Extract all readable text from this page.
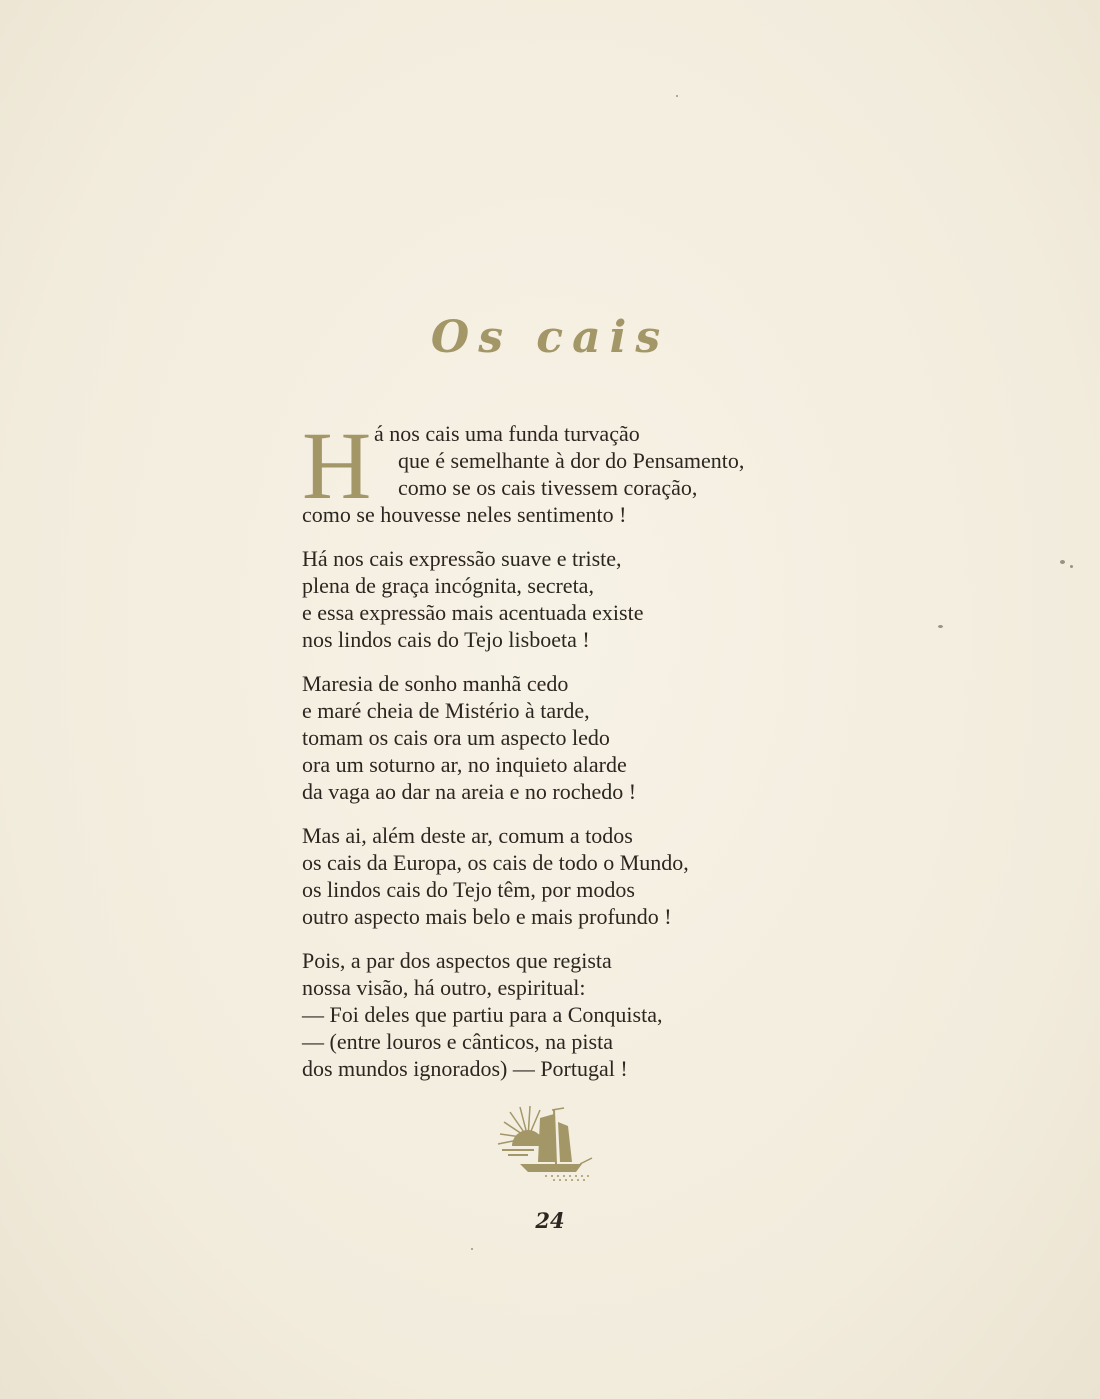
Os cais
H á nos cais uma funda turvação
que é semelhante à dor do Pensamento,
como se os cais tivessem coração,
como se houvesse neles sentimento !
Há nos cais expressão suave e triste,
plena de graça incógnita, secreta,
e essa expressão mais acentuada existe
nos lindos cais do Tejo lisboeta !
Maresia de sonho manhã cedo
e maré cheia de Mistério à tarde,
tomam os cais ora um aspecto ledo
ora um soturno ar, no inquieto alarde
da vaga ao dar na areia e no rochedo !
Mas ai, além deste ar, comum a todos
os cais da Europa, os cais de todo o Mundo,
os lindos cais do Tejo têm, por modos
outro aspecto mais belo e mais profundo !
Pois, a par dos aspectos que regista
nossa visão, há outro, espiritual:
— Foi deles que partiu para a Conquista,
— (entre louros e cânticos, na pista
dos mundos ignorados) — Portugal !
24
